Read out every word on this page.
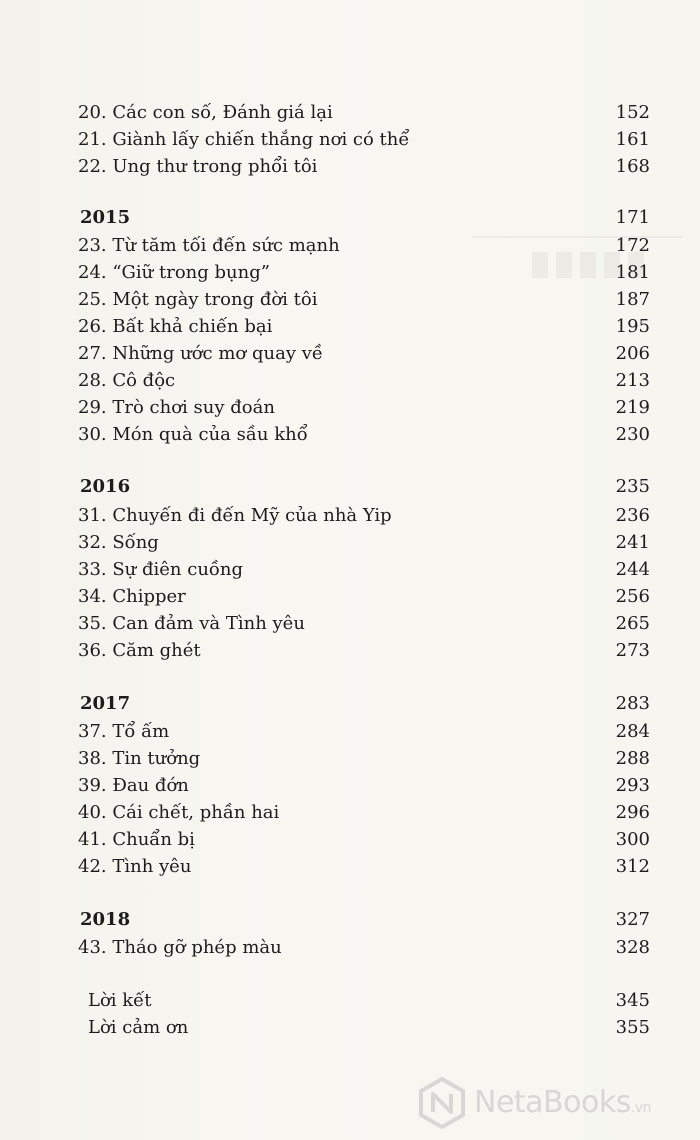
20. Các con số, Đánh giá lại	152
21. Giành lấy chiến thắng nơi có thể	161
22. Ung thư trong phổi tôi	168
2015	171
23. Từ tăm tối đến sức mạnh	172
24. “Giữ trong bụng”	181
25. Một ngày trong đời tôi	187
26. Bất khả chiến bại	195
27. Những ước mơ quay về	206
28. Cô độc	213
29. Trò chơi suy đoán	219
30. Món quà của sầu khổ	230
2016	235
31. Chuyến đi đến Mỹ của nhà Yip	236
32. Sống	241
33. Sự điên cuồng	244
34. Chipper	256
35. Can đảm và Tình yêu	265
36. Căm ghét	273
2017	283
37. Tổ ấm	284
38. Tin tưởng	288
39. Đau đớn	293
40. Cái chết, phần hai	296
41. Chuẩn bị	300
42. Tình yêu	312
2018	327
43. Tháo gỡ phép màu	328
Lời kết	345
Lời cảm ơn	355
NetaBooks.vn
